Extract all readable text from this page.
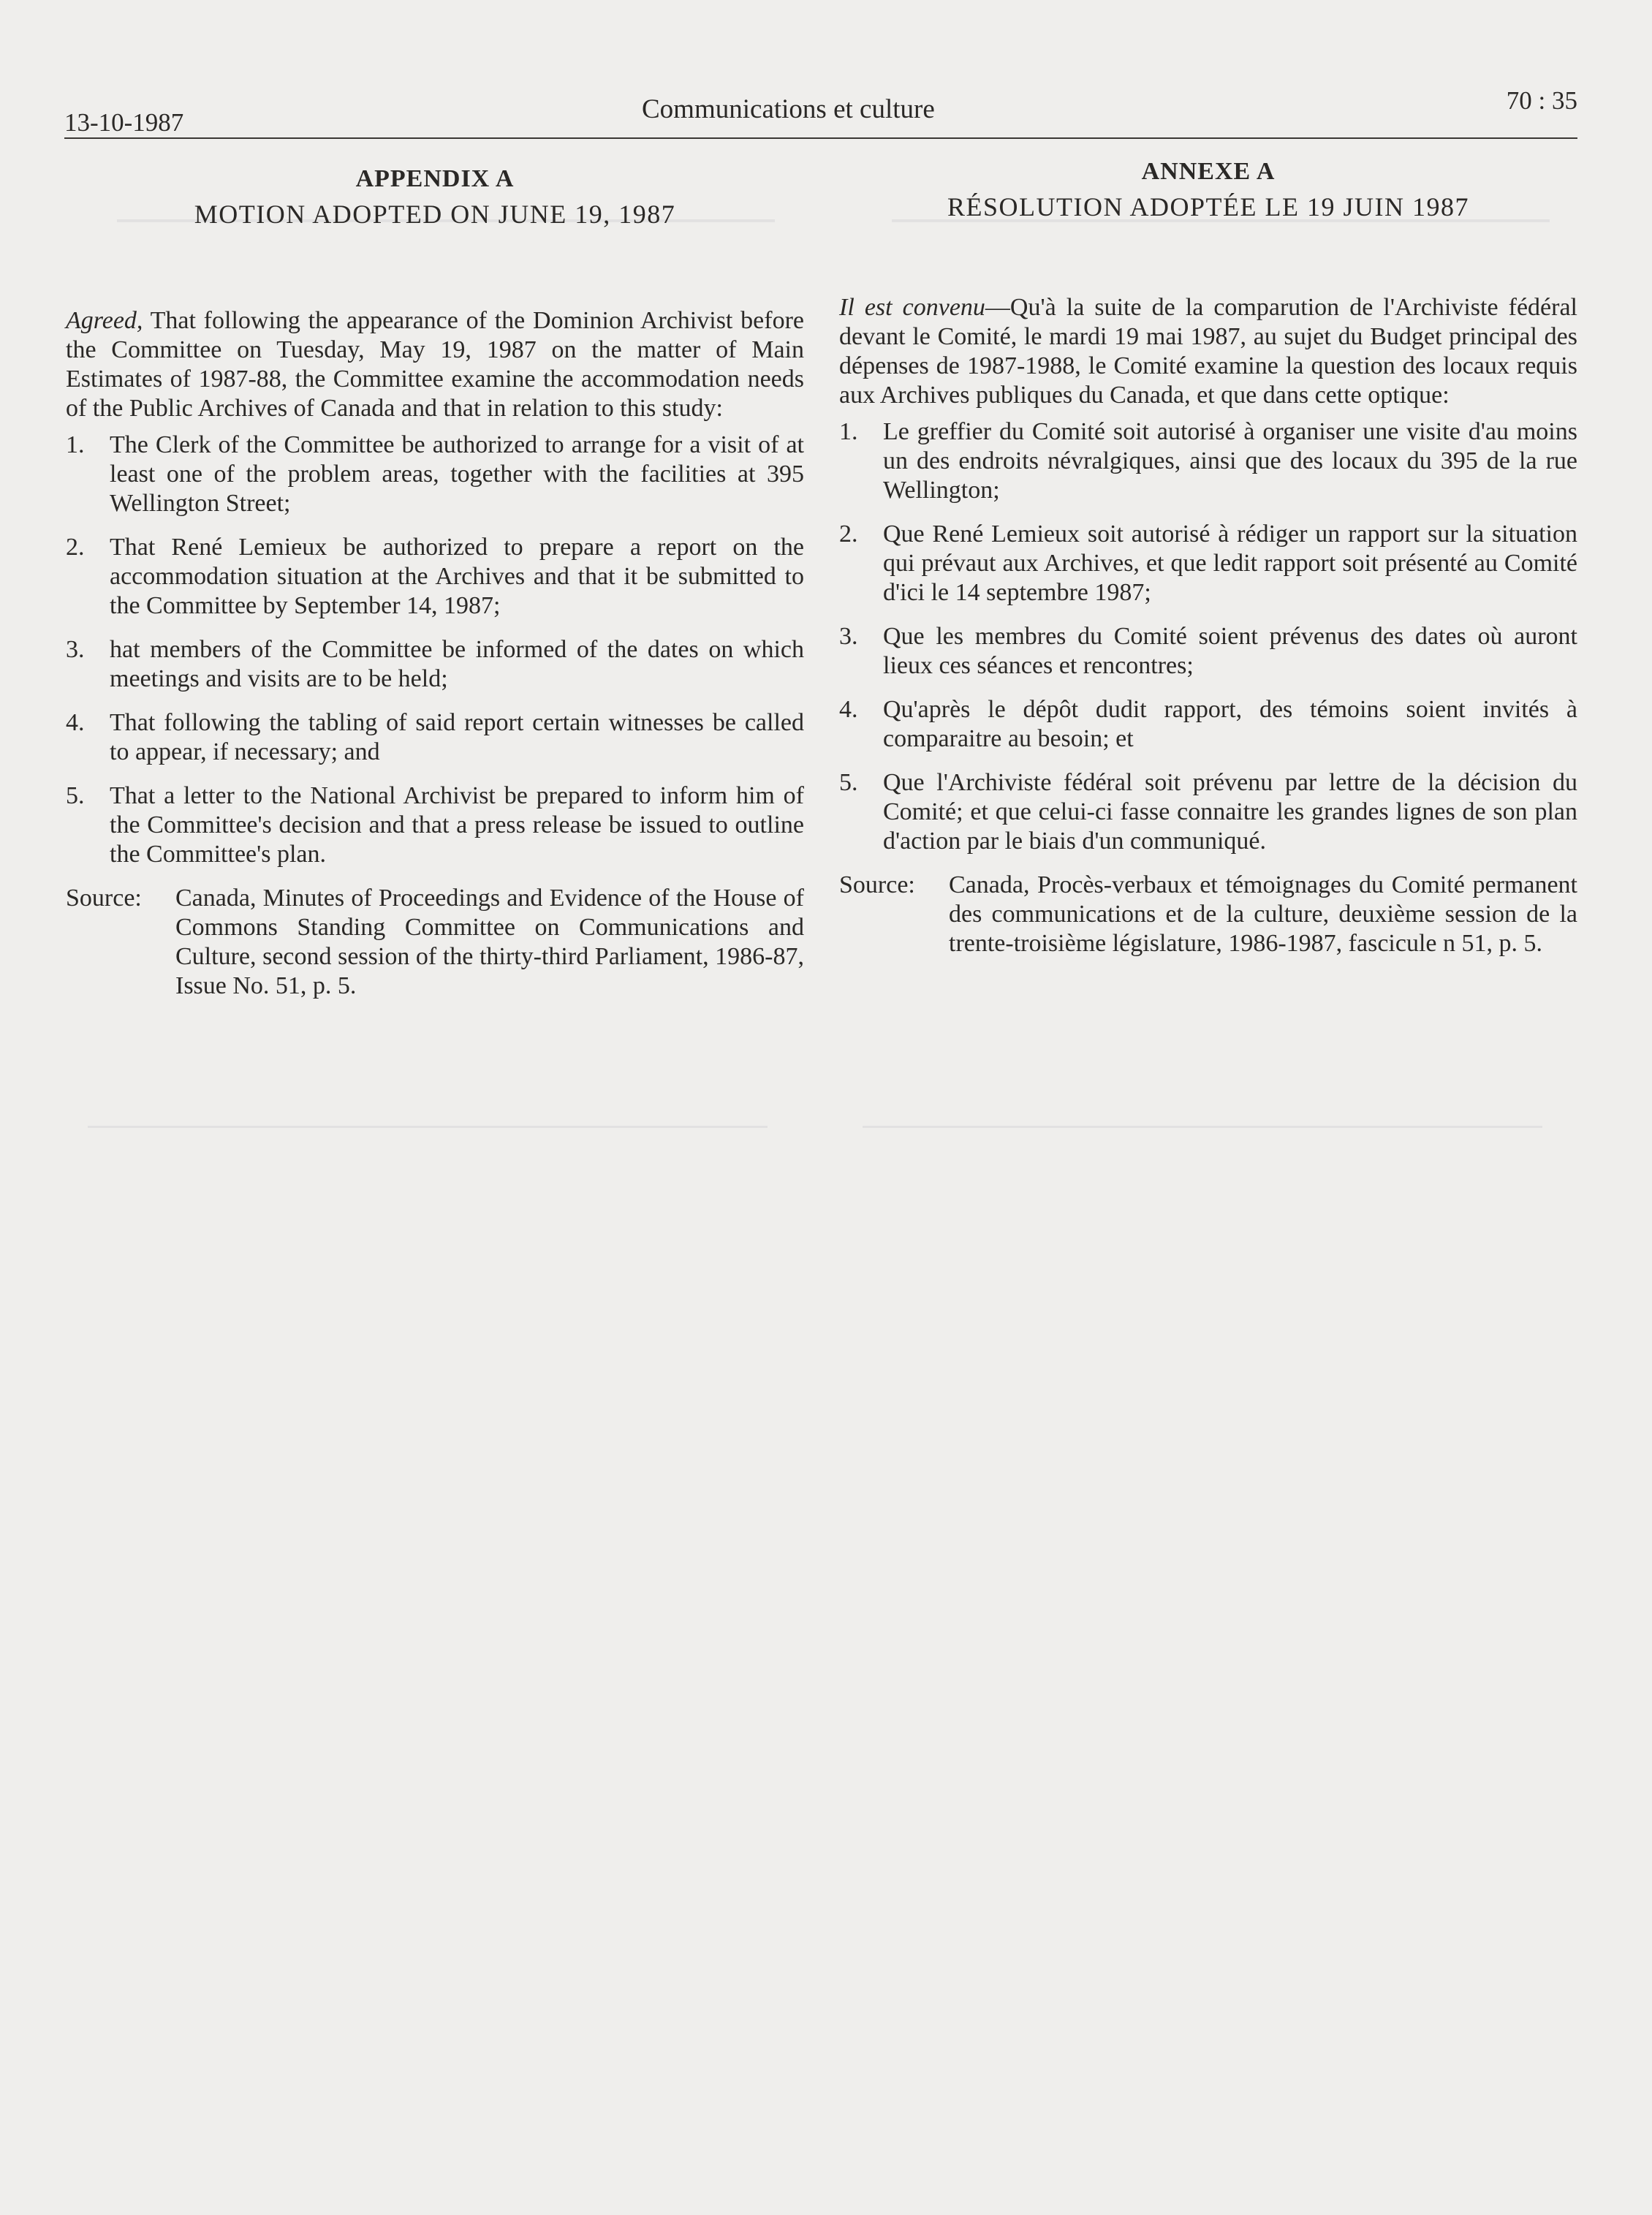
13-10-1987	Communications et culture	70 : 35
APPENDIX A
MOTION ADOPTED ON JUNE 19, 1987

Agreed, That following the appearance of the Dominion Archivist before the Committee on Tuesday, May 19, 1987 on the matter of Main Estimates of 1987-88, the Committee examine the accommodation needs of the Public Archives of Canada and that in relation to this study:

1. The Clerk of the Committee be authorized to arrange for a visit of at least one of the problem areas, together with the facilities at 395 Wellington Street;
2. That René Lemieux be authorized to prepare a report on the accommodation situation at the Archives and that it be submitted to the Committee by September 14, 1987;
3. hat members of the Committee be informed of the dates on which meetings and visits are to be held;
4. That following the tabling of said report certain witnesses be called to appear, if necessary; and
5. That a letter to the National Archivist be prepared to inform him of the Committee's decision and that a press release be issued to outline the Committee's plan.
Source: Canada, Minutes of Proceedings and Evidence of the House of Commons Standing Committee on Communications and Culture, second session of the thirty-third Parliament, 1986-87, Issue No. 51, p. 5.
ANNEXE A
RÉSOLUTION ADOPTÉE LE 19 JUIN 1987

Il est convenu—Qu'à la suite de la comparution de l'Archiviste fédéral devant le Comité, le mardi 19 mai 1987, au sujet du Budget principal des dépenses de 1987-1988, le Comité examine la question des locaux requis aux Archives publiques du Canada, et que dans cette optique:

1. Le greffier du Comité soit autorisé à organiser une visite d'au moins un des endroits névralgiques, ainsi que des locaux du 395 de la rue Wellington;
2. Que René Lemieux soit autorisé à rédiger un rapport sur la situation qui prévaut aux Archives, et que ledit rapport soit présenté au Comité d'ici le 14 septembre 1987;
3. Que les membres du Comité soient prévenus des dates où auront lieux ces séances et rencontres;
4. Qu'après le dépôt dudit rapport, des témoins soient invités à comparaitre au besoin; et
5. Que l'Archiviste fédéral soit prévenu par lettre de la décision du Comité; et que celui-ci fasse connaitre les grandes lignes de son plan d'action par le biais d'un communiqué.
Source: Canada, Procès-verbaux et témoignages du Comité permanent des communications et de la culture, deuxième session de la trente-troisième législature, 1986-1987, fascicule n 51, p. 5.
